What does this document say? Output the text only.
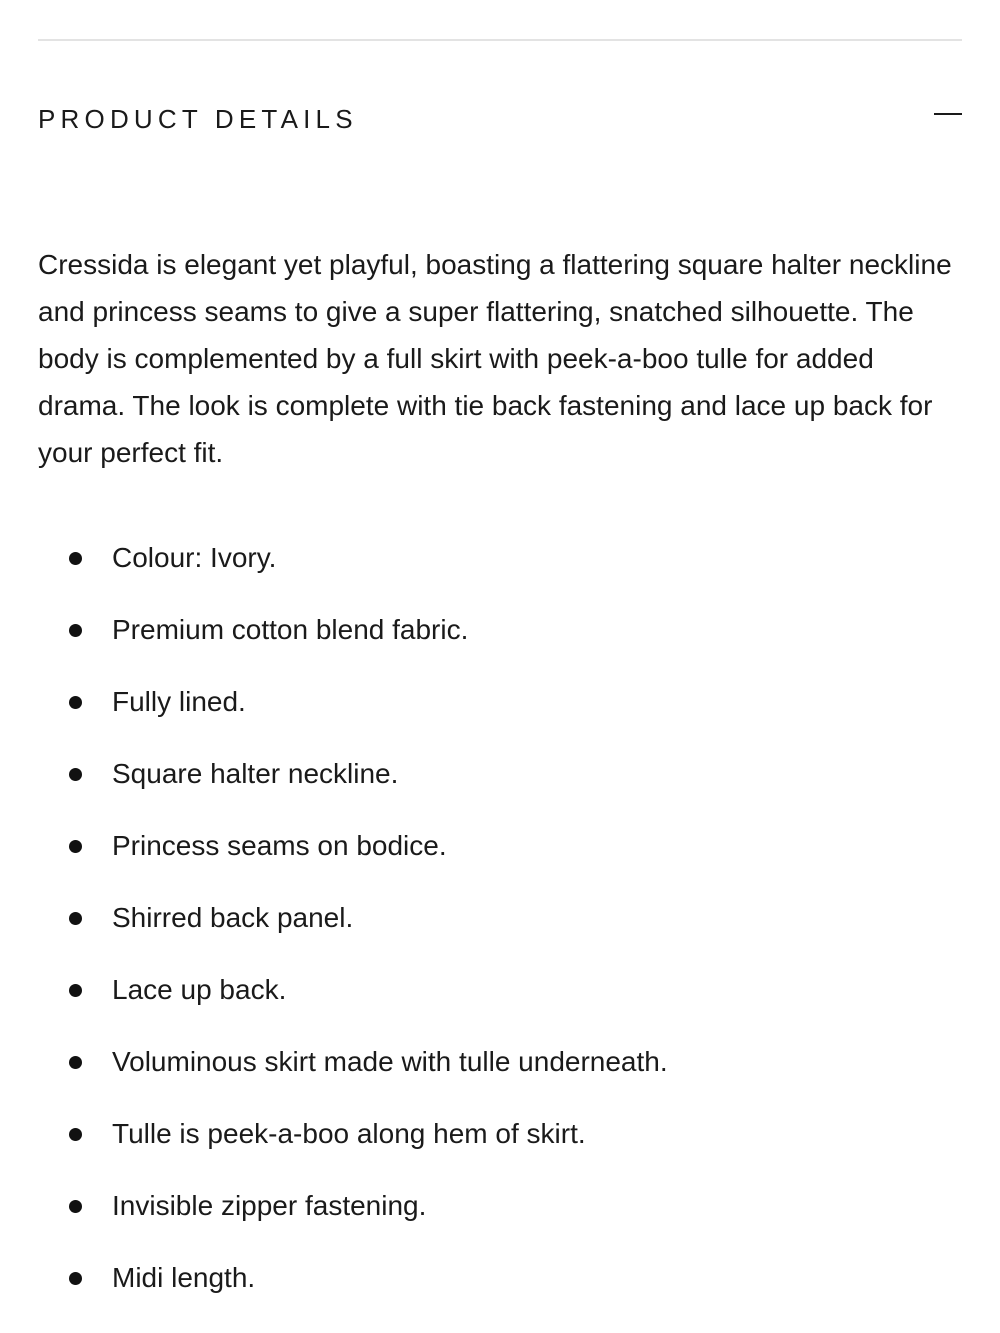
PRODUCT DETAILS

Cressida is elegant yet playful, boasting a flattering square halter neckline and princess seams to give a super flattering, snatched silhouette. The body is complemented by a full skirt with peek-a-boo tulle for added drama. The look is complete with tie back fastening and lace up back for your perfect fit.

Colour: Ivory.
Premium cotton blend fabric.
Fully lined.
Square halter neckline.
Princess seams on bodice.
Shirred back panel.
Lace up back.
Voluminous skirt made with tulle underneath.
Tulle is peek-a-boo along hem of skirt.
Invisible zipper fastening.
Midi length.
